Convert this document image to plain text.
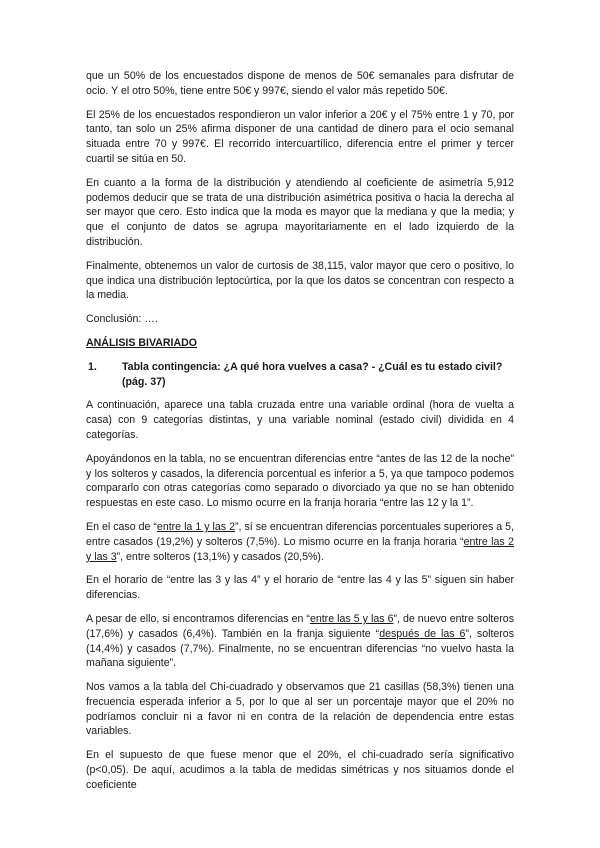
que un 50% de los encuestados dispone de menos de 50€ semanales para disfrutar de ocio. Y el otro 50%, tiene entre 50€ y 997€, siendo el valor más repetido 50€.

El 25% de los encuestados respondieron un valor inferior a 20€ y el 75% entre 1 y 70, por tanto, tan solo un 25% afirma disponer de una cantidad de dinero para el ocio semanal situada entre 70 y 997€. El recorrido intercuartílico, diferencia entre el primer y tercer cuartil se sitúa en 50.

En cuanto a la forma de la distribución y atendiendo al coeficiente de asimetría 5,912 podemos deducir que se trata de una distribución asimétrica positiva o hacia la derecha al ser mayor que cero. Esto indica que la moda es mayor que la mediana y que la media; y que el conjunto de datos se agrupa mayoritariamente en el lado izquierdo de la distribución.

Finalmente, obtenemos un valor de curtosis de 38,115, valor mayor que cero o positivo, lo que indica una distribución leptocúrtica, por la que los datos se concentran con respecto a la media.

Conclusión: ….

ANÁLISIS BIVARIADO
1.	Tabla contingencia: ¿A qué hora vuelves a casa? - ¿Cuál es tu estado civil? (pág. 37)

A continuación, aparece una tabla cruzada entre una variable ordinal (hora de vuelta a casa) con 9 categorías distintas, y una variable nominal (estado civil) dividida en 4 categorías.

Apoyándonos en la tabla, no se encuentran diferencias entre “antes de las 12 de la noche” y los solteros y casados, la diferencia porcentual es inferior a 5, ya que tampoco podemos compararlo con otras categorías como separado o divorciado ya que no se han obtenido respuestas en este caso. Lo mismo ocurre en la franja horaria “entre las 12 y la 1”.

En el caso de “entre la 1 y las 2”, sí se encuentran diferencias porcentuales superiores a 5, entre casados (19,2%) y solteros (7,5%). Lo mismo ocurre en la franja horaria “entre las 2 y las 3”, entre solteros (13,1%) y casados (20,5%).

En el horario de “entre las 3 y las 4” y el horario de “entre las 4 y las 5” siguen sin haber diferencias.

A pesar de ello, si encontramos diferencias en “entre las 5 y las 6”, de nuevo entre solteros (17,6%) y casados (6,4%). También en la franja siguiente “después de las 6”, solteros (14,4%) y casados (7,7%). Finalmente, no se encuentran diferencias “no vuelvo hasta la mañana siguiente”.

Nos vamos a la tabla del Chi-cuadrado y observamos que 21 casillas (58,3%) tienen una frecuencia esperada inferior a 5, por lo que al ser un porcentaje mayor que el 20% no podríamos concluir ni a favor ni en contra de la relación de dependencia entre estas variables.

En el supuesto de que fuese menor que el 20%, el chi-cuadrado sería significativo (p<0,05). De aquí, acudimos a la tabla de medidas simétricas y nos situamos donde el coeficiente
